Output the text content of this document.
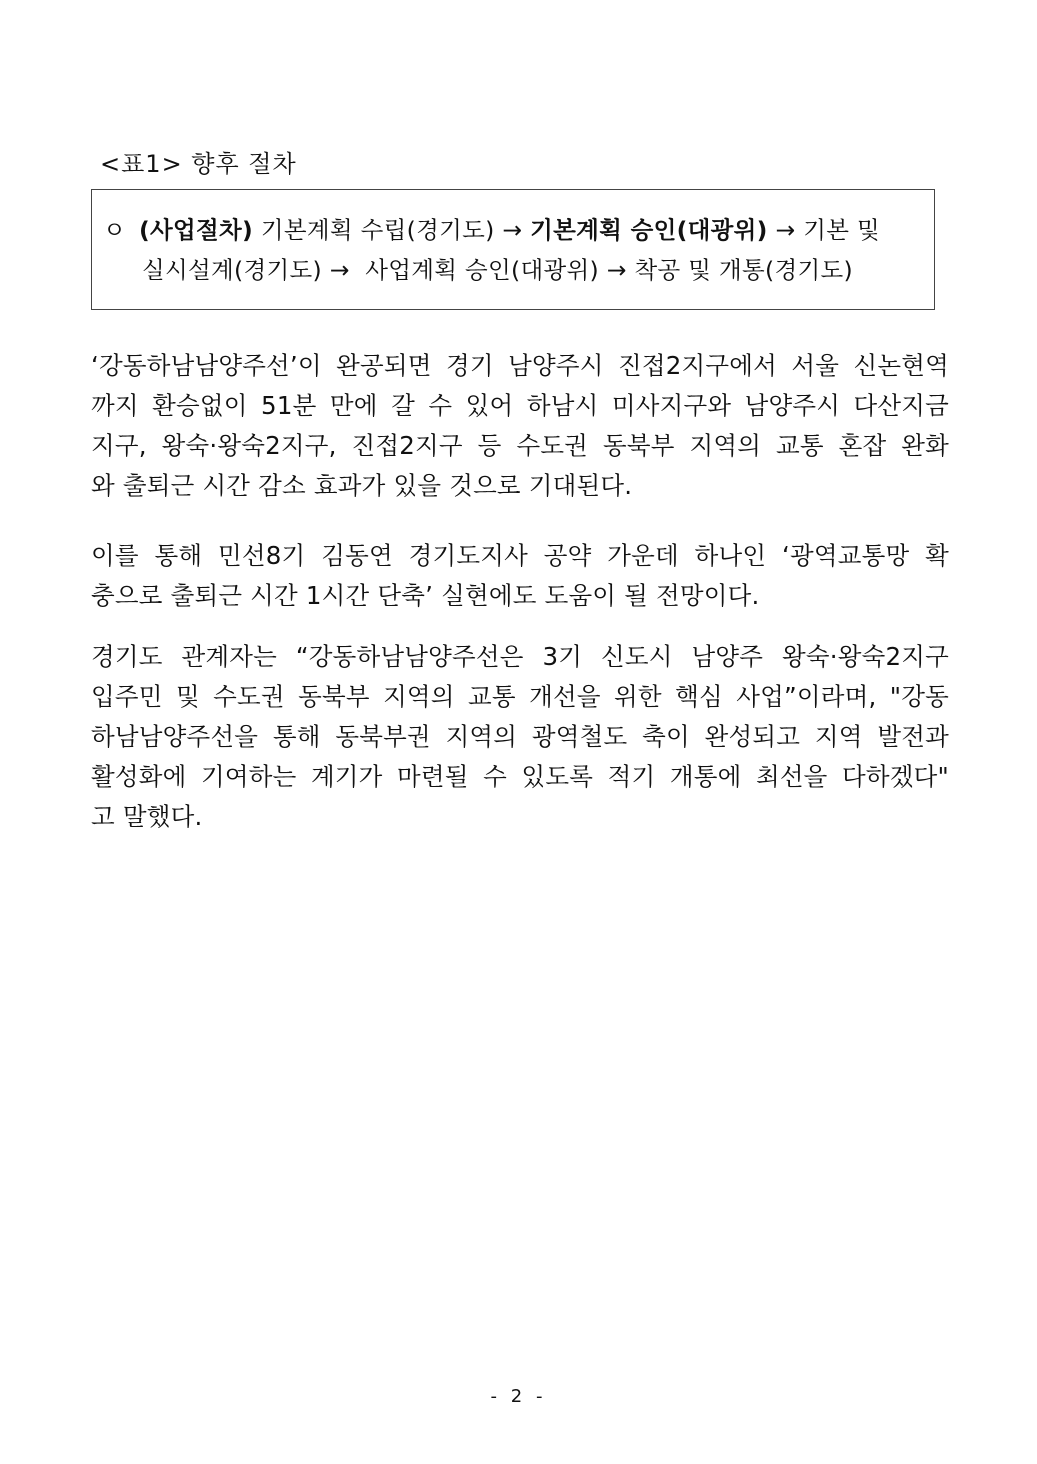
<표1> 향후 절차
ㅇ (사업절차) 기본계획 수립(경기도) → 기본계획 승인(대광위) → 기본 및
실시설계(경기도) →  사업계획 승인(대광위) → 착공 및 개통(경기도)
‘강동하남남양주선’이 완공되면 경기 남양주시 진접2지구에서 서울 신논현역
까지 환승없이 51분 만에 갈 수 있어 하남시 미사지구와 남양주시 다산지금
지구, 왕숙·왕숙2지구, 진접2지구 등 수도권 동북부 지역의 교통 혼잡 완화
와 출퇴근 시간 감소 효과가 있을 것으로 기대된다.
이를 통해 민선8기 김동연 경기도지사 공약 가운데 하나인 ‘광역교통망 확
충으로 출퇴근 시간 1시간 단축’ 실현에도 도움이 될 전망이다.
경기도 관계자는 “강동하남남양주선은 3기 신도시 남양주 왕숙·왕숙2지구
입주민 및 수도권 동북부 지역의 교통 개선을 위한 핵심 사업”이라며, "강동
하남남양주선을 통해 동북부권 지역의 광역철도 축이 완성되고 지역 발전과
활성화에 기여하는 계기가 마련될 수 있도록 적기 개통에 최선을 다하겠다"
고 말했다.
- 2 -
